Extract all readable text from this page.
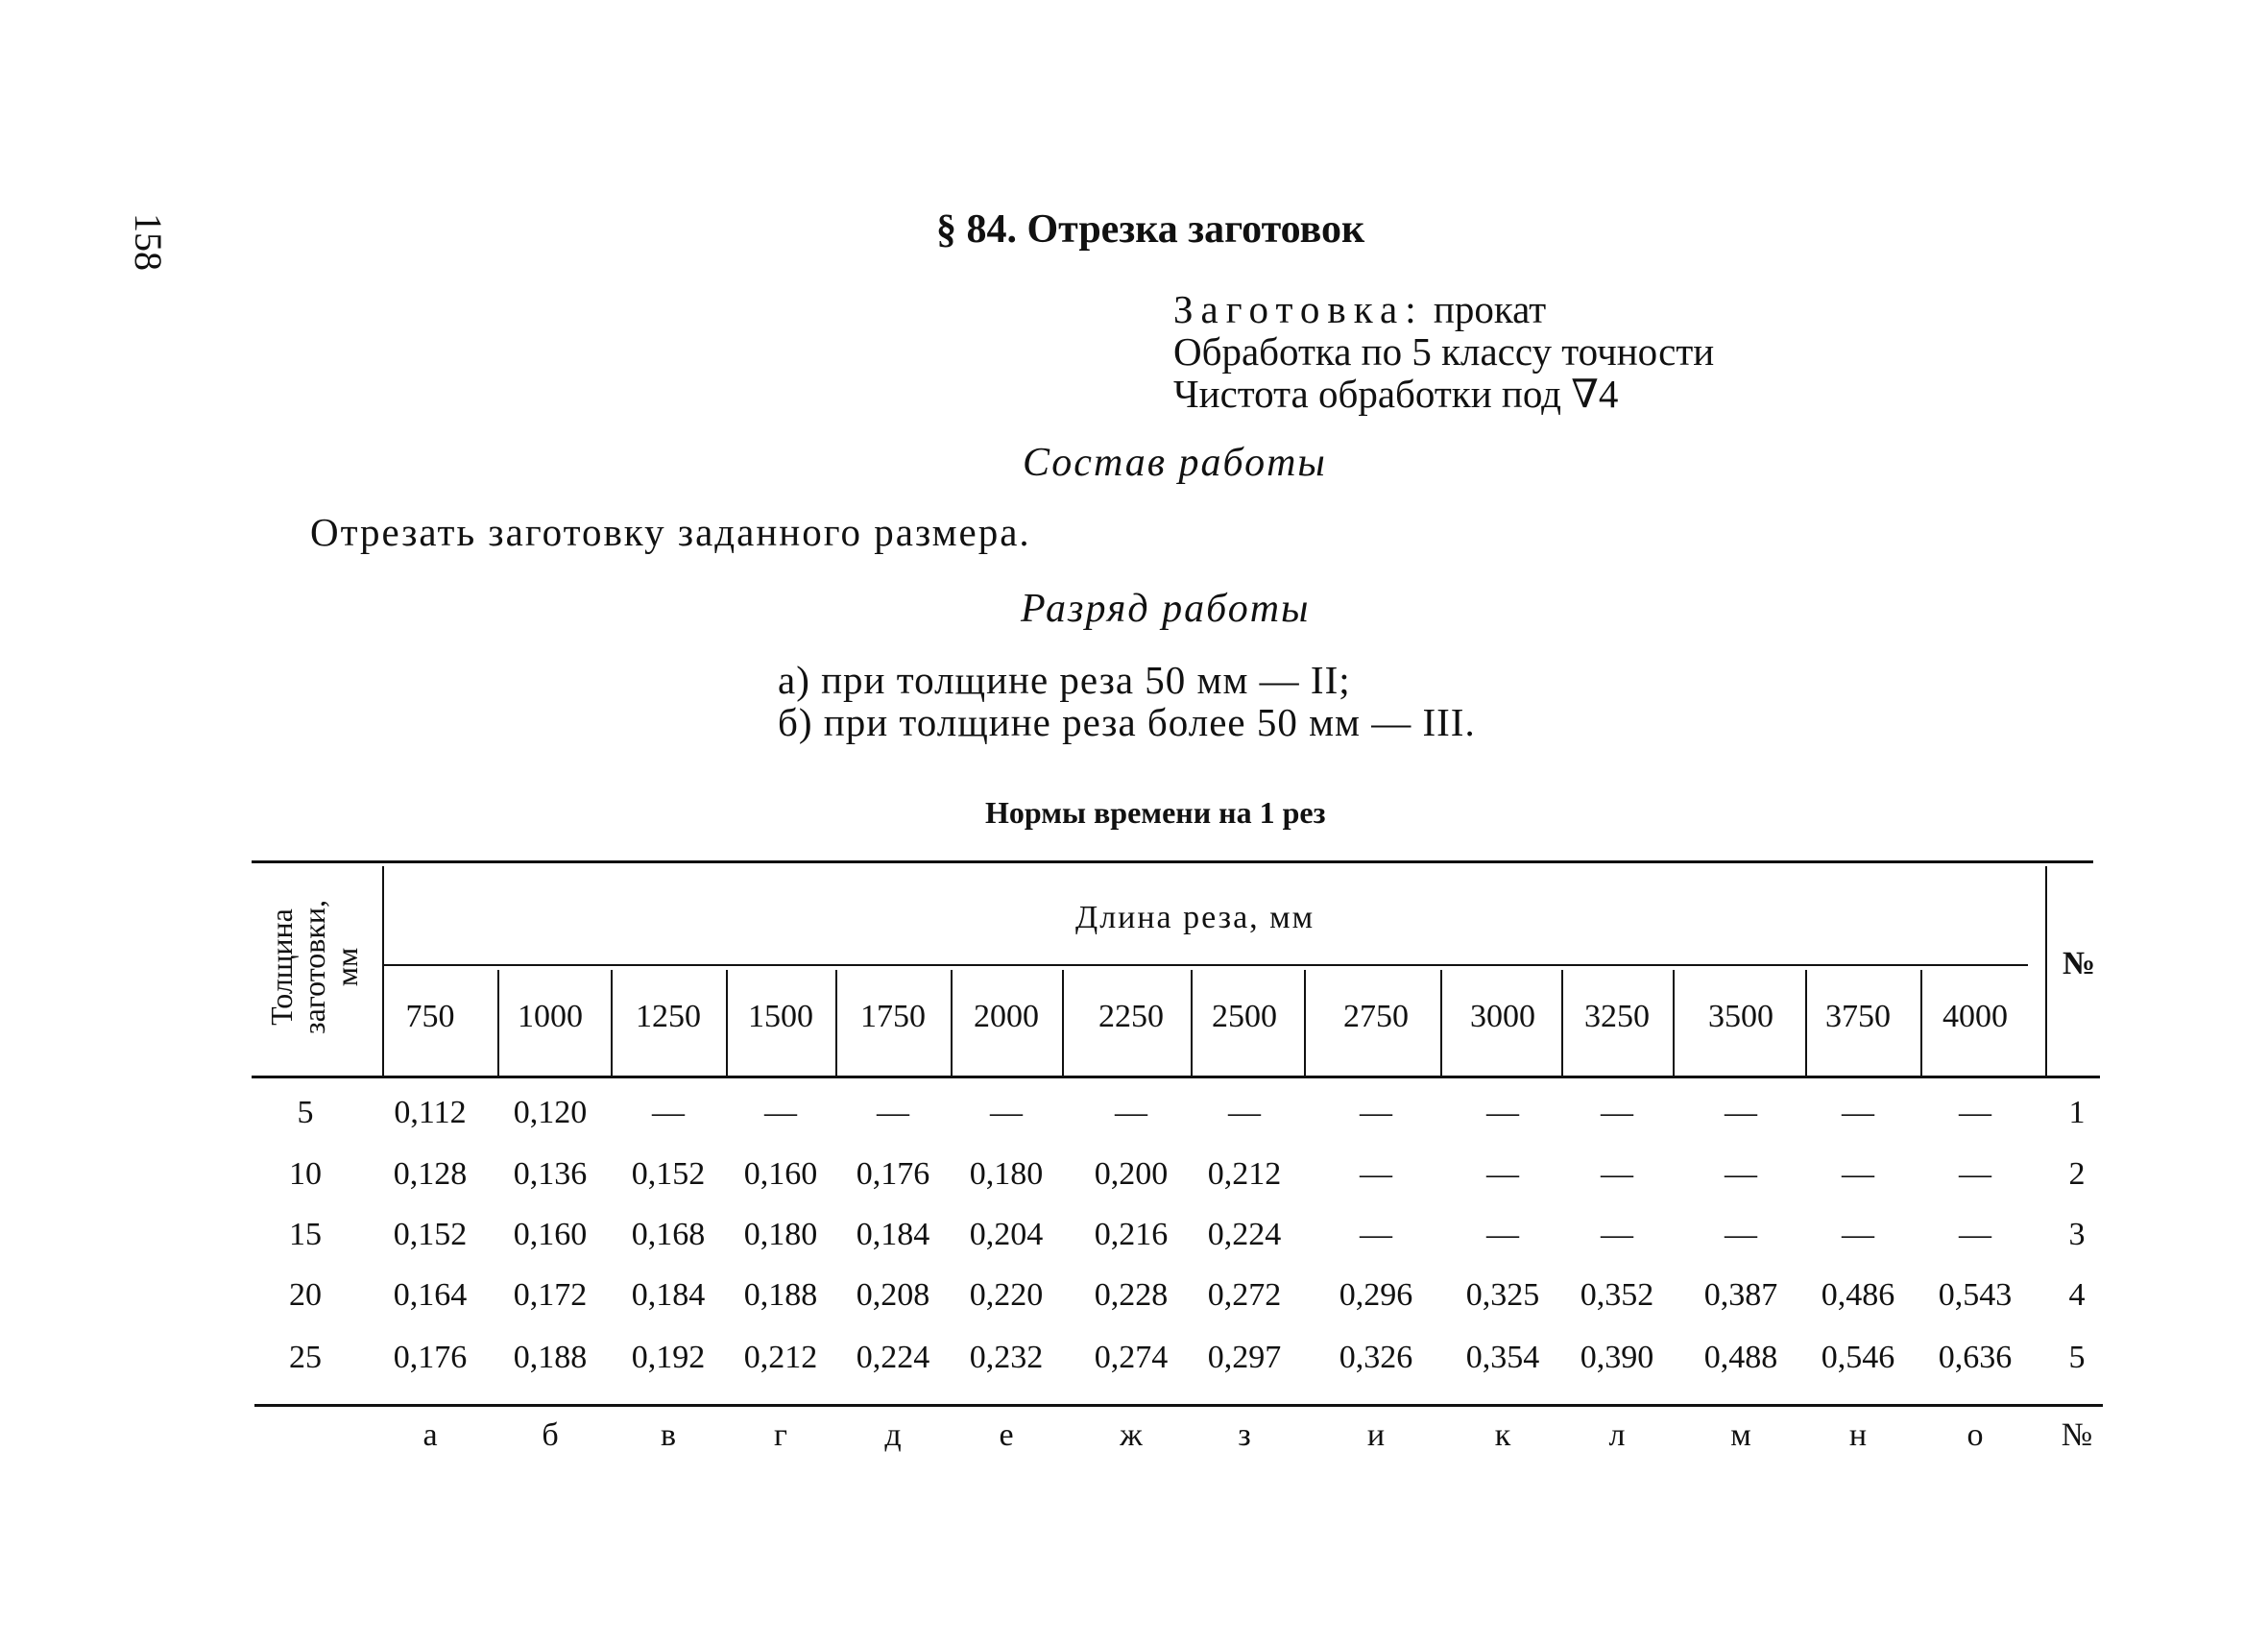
158	§ 84. Отрезка заготовок
Заготовка: прокат
Обработка по 5 классу точности
Чистота обработки под ∇4
Состав работы
Отрезать заготовку заданного размера.
Разряд работы
а) при толщине реза 50 мм — II;
б) при толщине реза более 50 мм — III.
Нормы времени на 1 рез
Толщина
заготовки,
мм
Длина реза, мм
№
750	1000	1250	1500	1750	2000	2250	2500	2750	3000	3250	3500	3750	4000
5	0,112	0,120	—	—	—	—	—	—	—	—	—	—	—	—	1
10	0,128	0,136	0,152	0,160	0,176	0,180	0,200	0,212	—	—	—	—	—	—	2
15	0,152	0,160	0,168	0,180	0,184	0,204	0,216	0,224	—	—	—	—	—	—	3
20	0,164	0,172	0,184	0,188	0,208	0,220	0,228	0,272	0,296	0,325	0,352	0,387	0,486	0,543	4
25	0,176	0,188	0,192	0,212	0,224	0,232	0,274	0,297	0,326	0,354	0,390	0,488	0,546	0,636	5
а	б	в	г	д	е	ж	з	и	к	л	м	н	о	№
